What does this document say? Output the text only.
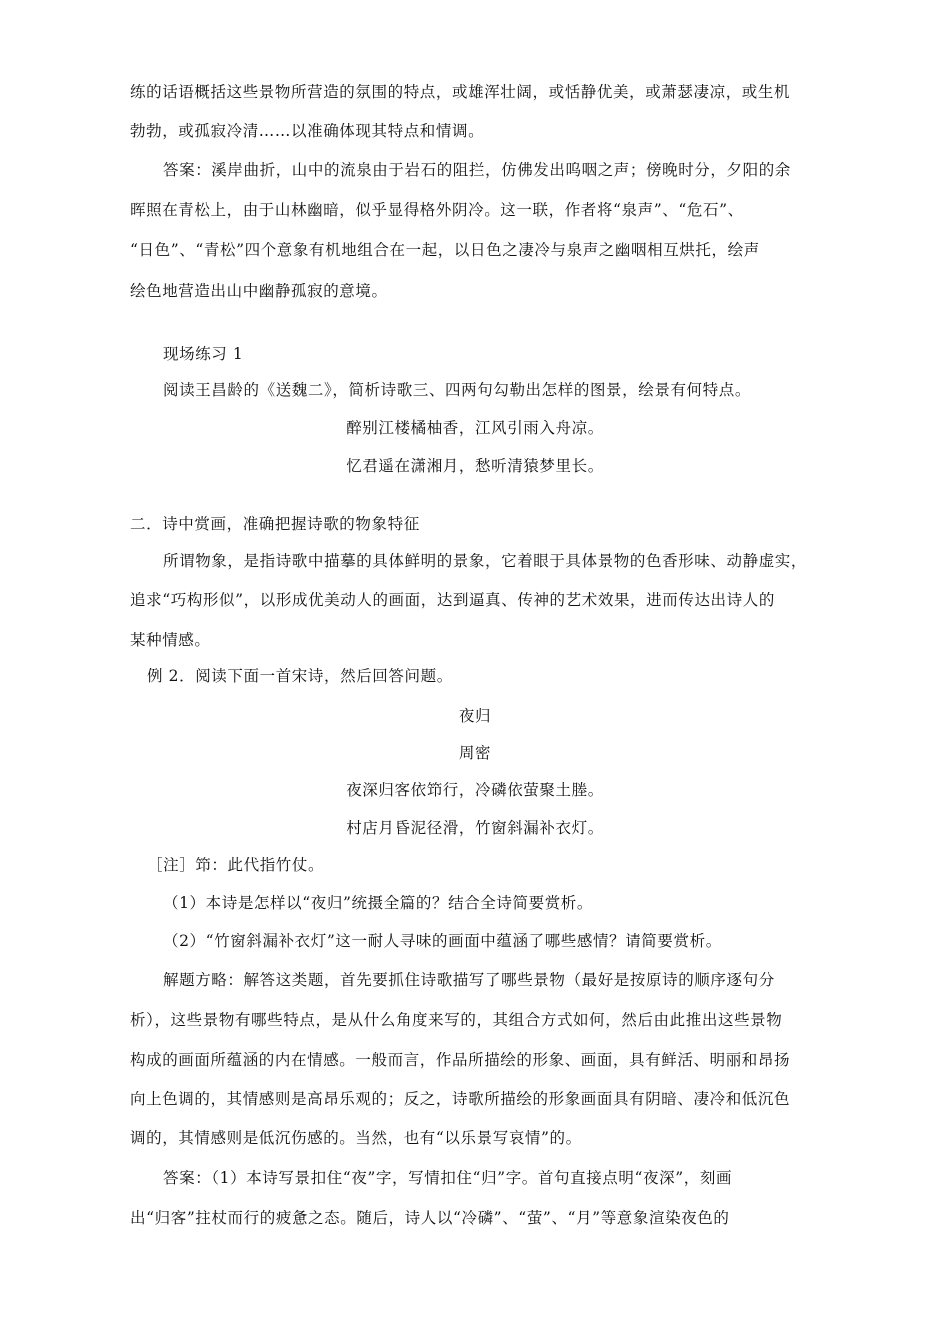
练的话语概括这些景物所营造的氛围的特点，或雄浑壮阔，或恬静优美，或萧瑟凄凉，或生机
勃勃，或孤寂冷清……以准确体现其特点和情调。
答案：溪岸曲折，山中的流泉由于岩石的阻拦，仿佛发出呜咽之声；傍晚时分，夕阳的余
晖照在青松上，由于山林幽暗，似乎显得格外阴冷。这一联，作者将“泉声”、“危石”、
“日色”、“青松”四个意象有机地组合在一起，以日色之凄冷与泉声之幽咽相互烘托，绘声
绘色地营造出山中幽静孤寂的意境。
现场练习 1
阅读王昌龄的《送魏二》，简析诗歌三、四两句勾勒出怎样的图景，绘景有何特点。
醉别江楼橘柚香，江风引雨入舟凉。
忆君遥在潇湘月，愁听清猿梦里长。
二．诗中赏画，准确把握诗歌的物象特征
所谓物象，是指诗歌中描摹的具体鲜明的景象，它着眼于具体景物的色香形味、动静虚实，
追求“巧构形似”，以形成优美动人的画面，达到逼真、传神的艺术效果，进而传达出诗人的
某种情感。
例 2．阅读下面一首宋诗，然后回答问题。
夜归
周密
夜深归客依笻行，冷磷依萤聚土塍。
村店月昏泥径滑，竹窗斜漏补衣灯。
［注］笻：此代指竹仗。
（1）本诗是怎样以“夜归”统摄全篇的？结合全诗简要赏析。
（2）“竹窗斜漏补衣灯”这一耐人寻味的画面中蕴涵了哪些感情？请简要赏析。
解题方略：解答这类题，首先要抓住诗歌描写了哪些景物（最好是按原诗的顺序逐句分
析），这些景物有哪些特点，是从什么角度来写的，其组合方式如何，然后由此推出这些景物
构成的画面所蕴涵的内在情感。一般而言，作品所描绘的形象、画面，具有鲜活、明丽和昂扬
向上色调的，其情感则是高昂乐观的；反之，诗歌所描绘的形象画面具有阴暗、凄冷和低沉色
调的，其情感则是低沉伤感的。当然，也有“以乐景写哀情”的。
答案：（1）本诗写景扣住“夜”字，写情扣住“归”字。首句直接点明“夜深”，刻画
出“归客”拄杖而行的疲惫之态。随后，诗人以“冷磷”、“萤”、“月”等意象渲染夜色的
